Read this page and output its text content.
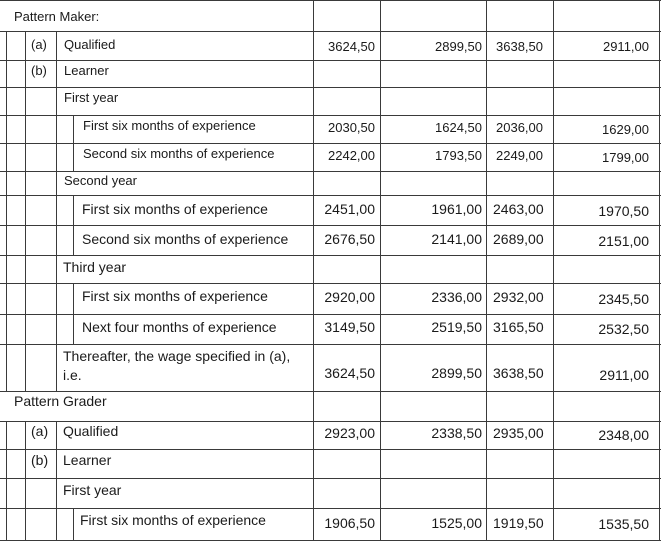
Pattern Maker:
(a) Qualified	3624,50	2899,50 3638,50	2911,00
(b) Learner
First year
First six months of experience	2030,50	1624,50 2036,00	1629,00
Second six months of experience	2242,00	1793,50 2249,00	1799,00
Second year
First six months of experience	2451,00	1961,00 2463,00	1970,50
Second six months of experience	2676,50	2141,00 2689,00	2151,00
Third year
First six months of experience	2920,00	2336,00 2932,00	2345,50
Next four months of experience	3149,50	2519,50 3165,50	2532,50
Thereafter, the wage specified in (a), i.e.	3624,50	2899,50 3638,50	2911,00
Pattern Grader
(a) Qualified	2923,00	2338,50 2935,00	2348,00
(b) Learner
First year
First six months of experience	1906,50	1525,00 1919,50	1535,50
